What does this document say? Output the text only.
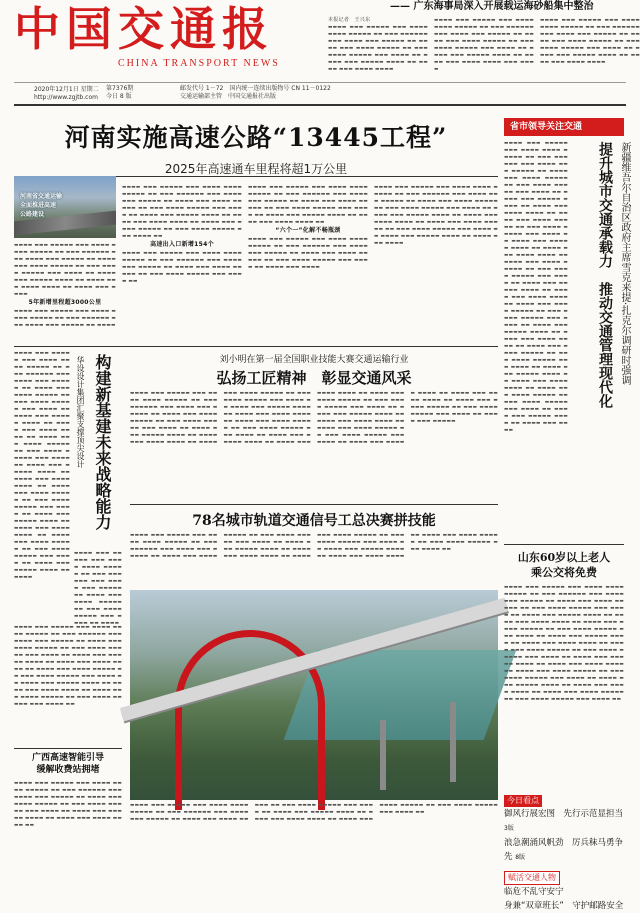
中国交通报
CHINA TRANSPORT NEWS
—— 广东海事局深入开展载运海砂船集中整治
本报记者　王兴东
▬▬▬▬ ▬▬▬ ▬▬▬▬▬ ▬▬▬ ▬▬▬▬ ▬▬▬▬ ▬▬▬▬▬ ▬▬ ▬▬▬ ▬▬▬▬▬▬ ▬▬▬ ▬▬▬▬ ▬▬▬ ▬▬▬▬▬ ▬▬ ▬▬▬▬ ▬▬▬ ▬▬▬▬ ▬▬▬▬▬ ▬▬ ▬▬▬ ▬▬▬▬ ▬▬▬▬▬ ▬▬▬ ▬▬▬▬ ▬▬ ▬▬▬▬ ▬▬▬ ▬▬▬▬▬ ▬▬▬▬ ▬▬ ▬▬▬▬ ▬▬▬ ▬▬▬▬ ▬▬▬▬
▬▬▬▬ ▬▬▬ ▬▬▬▬▬ ▬▬▬ ▬▬▬▬ ▬▬▬▬ ▬▬▬▬▬ ▬▬ ▬▬▬ ▬▬▬▬▬▬ ▬▬▬ ▬▬▬▬ ▬▬▬ ▬▬▬▬▬ ▬▬ ▬▬▬▬ ▬▬▬ ▬▬▬▬ ▬▬▬▬▬ ▬▬ ▬▬▬ ▬▬▬▬ ▬▬▬▬▬ ▬▬▬ ▬▬▬▬ ▬▬ ▬▬▬▬ ▬▬▬ ▬▬▬▬▬ ▬▬▬▬ ▬▬ ▬▬▬▬ ▬▬▬ ▬▬▬▬ ▬▬▬▬ ▬▬▬ ▬▬▬▬
▬▬▬▬ ▬▬▬ ▬▬▬▬▬ ▬▬▬ ▬▬▬▬ ▬▬▬▬ ▬▬▬▬▬ ▬▬ ▬▬▬ ▬▬▬▬▬▬ ▬▬▬ ▬▬▬▬ ▬▬▬ ▬▬▬▬▬ ▬▬ ▬▬▬▬ ▬▬▬ ▬▬▬▬ ▬▬▬▬▬ ▬▬ ▬▬▬ ▬▬▬▬ ▬▬▬▬▬ ▬▬▬ ▬▬▬▬ ▬▬ ▬▬▬▬ ▬▬▬ ▬▬▬▬▬ ▬▬▬▬ ▬▬ ▬▬▬▬ ▬▬▬ ▬▬▬▬ ▬▬▬▬
2020年12月1日 星期二
http://www.zgjtb.com
第7376期
今日 8 版
邮发代号 1－72　 国内统一连续出版物号 CN 11－0122
交通运输部主管　 中国交通报社出版
河南实施高速公路“13445工程”
2025年高速通车里程将超1万公里
河南省交通运输
全面推进高速
公路建设
▬▬▬▬ ▬▬▬ ▬▬▬▬▬ ▬▬▬ ▬▬▬▬ ▬▬▬▬ ▬▬▬▬▬ ▬▬ ▬▬▬ ▬▬▬▬▬▬ ▬▬▬ ▬▬▬▬ ▬▬▬ ▬▬▬▬▬ ▬▬ ▬▬▬▬ ▬▬▬ ▬▬▬▬ ▬▬▬▬▬ ▬▬ ▬▬▬ ▬▬▬▬ ▬▬▬▬▬ ▬▬▬ ▬▬▬▬ ▬▬ ▬▬▬▬ ▬▬▬ ▬▬▬▬▬ ▬▬▬▬ ▬▬ ▬▬▬▬ ▬▬▬ ▬▬▬▬ ▬▬▬▬ ▬▬ ▬▬▬▬ ▬▬▬ ▬▬▬▬
5年新增里程超3000公里
▬▬▬▬ ▬▬▬ ▬▬▬▬▬ ▬▬▬ ▬▬▬▬ ▬▬▬▬ ▬▬▬▬▬ ▬▬ ▬▬▬ ▬▬▬▬▬▬ ▬▬▬ ▬▬▬▬ ▬▬▬ ▬▬▬▬▬ ▬▬ ▬▬▬▬
▬▬▬▬ ▬▬▬ ▬▬▬▬▬ ▬▬▬ ▬▬▬▬ ▬▬▬▬ ▬▬▬▬▬ ▬▬ ▬▬▬ ▬▬▬▬▬▬ ▬▬▬ ▬▬▬▬ ▬▬▬ ▬▬▬▬▬ ▬▬ ▬▬▬▬ ▬▬▬ ▬▬▬▬ ▬▬▬▬▬ ▬▬ ▬▬▬ ▬▬▬▬ ▬▬▬▬▬ ▬▬▬ ▬▬▬▬ ▬▬ ▬▬▬▬ ▬▬▬ ▬▬▬▬▬ ▬▬▬▬ ▬▬ ▬▬▬▬ ▬▬▬ ▬▬▬▬ ▬▬▬▬ ▬▬ ▬▬▬▬ ▬▬▬ ▬▬▬▬ ▬▬▬▬▬ ▬▬ ▬▬▬ ▬▬▬▬ ▬▬▬▬▬ ▬▬▬ ▬▬▬▬ ▬▬
高速出入口新增154个
▬▬▬▬ ▬▬▬ ▬▬▬▬▬ ▬▬▬ ▬▬▬▬ ▬▬▬▬ ▬▬▬▬▬ ▬▬ ▬▬▬ ▬▬▬▬▬▬ ▬▬▬ ▬▬▬▬ ▬▬▬ ▬▬▬▬▬ ▬▬ ▬▬▬▬ ▬▬▬ ▬▬▬▬ ▬▬▬▬▬ ▬▬ ▬▬▬ ▬▬▬▬ ▬▬▬▬▬ ▬▬▬ ▬▬▬▬ ▬▬
▬▬▬▬ ▬▬▬ ▬▬▬▬▬ ▬▬▬ ▬▬▬▬ ▬▬▬▬ ▬▬▬▬▬ ▬▬ ▬▬▬ ▬▬▬▬▬▬ ▬▬▬ ▬▬▬▬ ▬▬▬ ▬▬▬▬▬ ▬▬ ▬▬▬▬ ▬▬▬ ▬▬▬▬ ▬▬▬▬▬ ▬▬ ▬▬▬ ▬▬▬▬ ▬▬▬▬▬ ▬▬▬ ▬▬▬▬ ▬▬ ▬▬▬▬ ▬▬▬ ▬▬▬▬▬ ▬▬▬▬ ▬▬ ▬▬▬▬ ▬▬▬ ▬▬▬▬ ▬▬▬▬ ▬▬
“六个一”化解不畅瓶颈
▬▬▬▬ ▬▬▬ ▬▬▬▬▬ ▬▬▬ ▬▬▬▬ ▬▬▬▬ ▬▬▬▬▬ ▬▬ ▬▬▬ ▬▬▬▬▬▬ ▬▬▬ ▬▬▬▬ ▬▬▬ ▬▬▬▬▬ ▬▬ ▬▬▬▬ ▬▬▬ ▬▬▬▬ ▬▬▬▬▬ ▬▬ ▬▬▬ ▬▬▬▬ ▬▬▬▬▬ ▬▬▬ ▬▬▬▬ ▬▬ ▬▬▬▬ ▬▬▬ ▬▬▬▬
▬▬▬▬ ▬▬▬ ▬▬▬▬▬ ▬▬▬ ▬▬▬▬ ▬▬▬▬ ▬▬▬▬▬ ▬▬ ▬▬▬ ▬▬▬▬▬▬ ▬▬▬ ▬▬▬▬ ▬▬▬ ▬▬▬▬▬ ▬▬ ▬▬▬▬ ▬▬▬ ▬▬▬▬ ▬▬▬▬▬ ▬▬ ▬▬▬ ▬▬▬▬ ▬▬▬▬▬ ▬▬▬ ▬▬▬▬ ▬▬ ▬▬▬▬ ▬▬▬ ▬▬▬▬▬ ▬▬▬▬ ▬▬ ▬▬▬▬ ▬▬▬ ▬▬▬▬ ▬▬▬▬ ▬▬ ▬▬▬▬ ▬▬▬ ▬▬▬▬ ▬▬▬▬▬ ▬▬ ▬▬▬ ▬▬▬▬ ▬▬▬▬▬ ▬▬▬ ▬▬▬▬ ▬▬ ▬▬▬▬ ▬▬▬ ▬▬▬▬▬ ▬▬▬▬ ▬▬ ▬▬▬▬ ▬▬▬ ▬▬▬▬
构建新基建未来战略能力
华设设计集团汇聚支撑顶尖设计
▬▬▬▬ ▬▬▬ ▬▬▬▬▬ ▬▬▬ ▬▬▬▬ ▬▬▬▬ ▬▬▬▬▬ ▬▬ ▬▬▬ ▬▬▬▬▬▬ ▬▬▬ ▬▬▬▬ ▬▬▬ ▬▬▬▬▬ ▬▬ ▬▬▬▬ ▬▬▬ ▬▬▬▬ ▬▬▬▬▬ ▬▬ ▬▬▬ ▬▬▬▬ ▬▬▬▬▬ ▬▬▬ ▬▬▬▬ ▬▬ ▬▬▬▬ ▬▬▬ ▬▬▬▬▬ ▬▬▬▬ ▬▬ ▬▬▬▬ ▬▬▬ ▬▬▬▬ ▬▬▬▬ ▬▬ ▬▬▬▬ ▬▬▬ ▬▬▬▬ ▬▬▬▬▬ ▬▬ ▬▬▬ ▬▬▬▬ ▬▬▬▬▬ ▬▬▬ ▬▬▬▬ ▬▬ ▬▬▬▬ ▬▬▬ ▬▬▬▬▬ ▬▬▬▬ ▬▬ ▬▬▬▬ ▬▬▬ ▬▬▬▬ ▬▬▬▬ ▬▬ ▬▬▬▬ ▬▬▬ ▬▬▬▬ ▬▬▬▬▬ ▬▬ ▬▬▬ ▬▬▬▬ ▬▬▬▬▬ ▬▬▬ ▬▬▬▬ ▬▬ ▬▬▬▬ ▬▬▬ ▬▬▬▬▬ ▬▬▬▬ ▬▬ ▬▬▬▬ ▬▬▬ ▬▬▬▬ ▬▬▬▬ ▬▬ ▬▬▬▬ ▬▬▬ ▬▬▬▬ ▬▬▬▬▬ ▬▬ ▬▬▬ ▬▬▬▬ ▬▬▬▬▬ ▬▬▬ ▬▬▬▬ ▬▬ ▬▬▬▬ ▬▬▬ ▬▬▬▬▬ ▬▬▬▬ ▬▬ ▬▬▬▬
▬▬▬▬ ▬▬▬ ▬▬▬▬▬ ▬▬▬ ▬▬▬▬ ▬▬▬▬ ▬▬▬▬▬ ▬▬ ▬▬▬ ▬▬▬▬▬▬ ▬▬▬ ▬▬▬▬ ▬▬▬ ▬▬▬▬▬ ▬▬ ▬▬▬▬ ▬▬▬ ▬▬▬▬ ▬▬▬▬▬ ▬▬ ▬▬▬ ▬▬▬▬ ▬▬▬▬▬ ▬▬▬ ▬▬▬▬ ▬▬ ▬▬▬▬
刘小明在第一届全国职业技能大赛交通运输行业
弘扬工匠精神　彰显交通风采
▬▬▬▬ ▬▬▬ ▬▬▬▬▬ ▬▬▬ ▬▬▬▬ ▬▬▬▬ ▬▬▬▬▬ ▬▬ ▬▬▬ ▬▬▬▬▬▬ ▬▬▬ ▬▬▬▬ ▬▬▬ ▬▬▬▬▬ ▬▬ ▬▬▬▬ ▬▬▬ ▬▬▬▬ ▬▬▬▬▬ ▬▬ ▬▬▬ ▬▬▬▬ ▬▬▬▬▬ ▬▬▬ ▬▬▬▬ ▬▬ ▬▬▬▬ ▬▬▬ ▬▬▬▬▬ ▬▬▬▬ ▬▬ ▬▬▬▬ ▬▬▬ ▬▬▬▬ ▬▬▬▬ ▬▬ ▬▬▬▬ ▬▬▬ ▬▬▬▬ ▬▬▬▬▬ ▬▬ ▬▬▬ ▬▬▬▬ ▬▬▬▬▬ ▬▬▬ ▬▬▬▬ ▬▬ ▬▬▬▬ ▬▬▬ ▬▬▬▬▬ ▬▬▬▬ ▬▬ ▬▬▬▬ ▬▬▬ ▬▬▬▬ ▬▬▬▬ ▬▬ ▬▬▬▬ ▬▬▬ ▬▬▬▬ ▬▬▬▬▬ ▬▬ ▬▬▬ ▬▬▬▬ ▬▬▬▬▬ ▬▬▬ ▬▬▬▬ ▬▬ ▬▬▬▬ ▬▬▬ ▬▬▬▬▬ ▬▬▬▬ ▬▬ ▬▬▬▬ ▬▬▬ ▬▬▬▬ ▬▬▬▬ ▬▬ ▬▬▬▬ ▬▬▬ ▬▬▬▬ ▬▬▬▬▬ ▬▬ ▬▬▬ ▬▬▬▬ ▬▬▬▬▬ ▬▬▬ ▬▬▬▬ ▬▬ ▬▬▬▬ ▬▬▬ ▬▬▬▬▬ ▬▬▬▬ ▬▬ ▬▬▬▬ ▬▬▬ ▬▬▬▬ ▬▬▬▬ ▬▬ ▬▬▬▬ ▬▬▬ ▬▬▬▬ ▬▬▬▬▬ ▬▬ ▬▬▬ ▬▬▬▬ ▬▬▬▬▬ ▬▬▬ ▬▬▬▬ ▬▬ ▬▬▬▬ ▬▬▬ ▬▬▬▬▬ ▬▬▬▬ ▬▬ ▬▬▬▬ ▬▬▬ ▬▬▬▬ ▬▬▬▬ ▬▬ ▬▬▬▬ ▬▬▬ ▬▬▬▬ ▬▬▬▬▬ ▬▬ ▬▬▬ ▬▬▬▬ ▬▬▬▬▬ ▬▬▬ ▬▬▬▬ ▬▬ ▬▬▬▬ ▬▬▬ ▬▬▬▬▬
78名城市轨道交通信号工总决赛拼技能
▬▬▬▬ ▬▬▬ ▬▬▬▬▬ ▬▬▬ ▬▬▬▬ ▬▬▬▬ ▬▬▬▬▬ ▬▬ ▬▬▬ ▬▬▬▬▬▬ ▬▬▬ ▬▬▬▬ ▬▬▬ ▬▬▬▬▬ ▬▬ ▬▬▬▬ ▬▬▬ ▬▬▬▬ ▬▬▬▬▬ ▬▬ ▬▬▬ ▬▬▬▬ ▬▬▬▬▬ ▬▬▬ ▬▬▬▬ ▬▬ ▬▬▬▬ ▬▬▬ ▬▬▬▬▬ ▬▬▬▬ ▬▬ ▬▬▬▬ ▬▬▬ ▬▬▬▬ ▬▬▬▬ ▬▬ ▬▬▬▬ ▬▬▬ ▬▬▬▬ ▬▬▬▬▬ ▬▬ ▬▬▬ ▬▬▬▬ ▬▬▬▬▬ ▬▬▬ ▬▬▬▬ ▬▬ ▬▬▬▬ ▬▬▬ ▬▬▬▬▬ ▬▬▬▬ ▬▬ ▬▬▬▬ ▬▬▬ ▬▬▬▬ ▬▬▬▬ ▬▬ ▬▬▬▬ ▬▬▬ ▬▬▬▬ ▬▬▬▬▬ ▬▬ ▬▬▬ ▬▬▬▬ ▬▬▬▬▬ ▬▬▬ ▬▬▬▬ ▬▬
▬▬▬▬ ▬▬▬ ▬▬▬▬▬ ▬▬▬ ▬▬▬▬ ▬▬▬▬ ▬▬▬▬▬ ▬▬ ▬▬▬ ▬▬▬▬▬▬ ▬▬▬ ▬▬▬▬ ▬▬▬ ▬▬▬▬▬ ▬▬ ▬▬▬▬ ▬▬▬ ▬▬▬▬ ▬▬▬▬▬ ▬▬ ▬▬▬ ▬▬▬▬ ▬▬▬▬▬ ▬▬▬ ▬▬▬▬ ▬▬ ▬▬▬▬ ▬▬▬ ▬▬▬▬▬ ▬▬▬▬ ▬▬ ▬▬▬▬ ▬▬▬ ▬▬▬▬ ▬▬▬▬ ▬▬ ▬▬▬▬ ▬▬▬ ▬▬▬▬ ▬▬▬▬▬ ▬▬ ▬▬▬ ▬▬▬▬ ▬▬▬▬▬ ▬▬▬ ▬▬▬▬ ▬▬ ▬▬▬▬ ▬▬▬ ▬▬▬▬▬ ▬▬▬▬ ▬▬ ▬▬▬▬ ▬▬▬ ▬▬▬▬ ▬▬▬▬ ▬▬ ▬▬▬▬ ▬▬▬ ▬▬▬▬ ▬▬▬▬▬ ▬▬ ▬▬▬ ▬▬▬▬ ▬▬▬▬▬ ▬▬▬ ▬▬▬▬ ▬▬
广西高速智能引导
缓解收费站拥堵
▬▬▬▬ ▬▬▬ ▬▬▬▬▬ ▬▬▬ ▬▬▬▬ ▬▬▬▬ ▬▬▬▬▬ ▬▬ ▬▬▬ ▬▬▬▬▬▬ ▬▬▬ ▬▬▬▬ ▬▬▬ ▬▬▬▬▬ ▬▬ ▬▬▬▬ ▬▬▬ ▬▬▬▬ ▬▬▬▬▬ ▬▬ ▬▬▬ ▬▬▬▬ ▬▬▬▬▬ ▬▬▬ ▬▬▬▬ ▬▬ ▬▬▬▬ ▬▬▬ ▬▬▬▬▬ ▬▬▬▬ ▬▬ ▬▬▬▬ ▬▬▬ ▬▬▬▬ ▬▬▬▬ ▬▬
▬▬▬▬ ▬▬▬ ▬▬▬▬▬ ▬▬▬ ▬▬▬▬ ▬▬▬▬ ▬▬▬▬▬ ▬▬ ▬▬▬ ▬▬▬▬▬▬ ▬▬▬ ▬▬▬▬ ▬▬▬ ▬▬▬▬▬ ▬▬ ▬▬▬▬ ▬▬▬ ▬▬▬▬ ▬▬▬▬▬ ▬▬ ▬▬▬ ▬▬▬▬ ▬▬▬▬▬ ▬▬▬ ▬▬▬▬ ▬▬ ▬▬▬▬ ▬▬▬ ▬▬▬▬▬ ▬▬▬▬ ▬▬ ▬▬▬▬ ▬▬▬ ▬▬▬▬ ▬▬▬▬ ▬▬ ▬▬▬▬ ▬▬▬ ▬▬▬▬ ▬▬▬▬▬ ▬▬ ▬▬▬ ▬▬▬▬ ▬▬▬▬▬ ▬▬▬ ▬▬▬▬ ▬▬
省市领导关注交通
▬▬▬▬ ▬▬▬ ▬▬▬▬▬ ▬▬▬ ▬▬▬▬ ▬▬▬▬ ▬▬▬▬▬ ▬▬ ▬▬▬ ▬▬▬▬▬▬ ▬▬▬ ▬▬▬▬ ▬▬▬ ▬▬▬▬▬ ▬▬ ▬▬▬▬ ▬▬▬ ▬▬▬▬ ▬▬▬▬▬ ▬▬ ▬▬▬ ▬▬▬▬ ▬▬▬▬▬ ▬▬▬ ▬▬▬▬ ▬▬ ▬▬▬▬ ▬▬▬ ▬▬▬▬▬ ▬▬▬▬ ▬▬ ▬▬▬▬ ▬▬▬ ▬▬▬▬ ▬▬▬▬ ▬▬ ▬▬▬▬ ▬▬▬ ▬▬▬▬ ▬▬▬▬▬ ▬▬ ▬▬▬ ▬▬▬▬ ▬▬▬▬▬ ▬▬▬ ▬▬▬▬ ▬▬ ▬▬▬▬ ▬▬▬ ▬▬▬▬▬ ▬▬▬▬ ▬▬ ▬▬▬▬ ▬▬▬ ▬▬▬▬ ▬▬▬▬ ▬▬ ▬▬▬▬ ▬▬▬ ▬▬▬▬ ▬▬▬▬▬ ▬▬ ▬▬▬ ▬▬▬▬ ▬▬▬▬▬ ▬▬▬ ▬▬▬▬ ▬▬ ▬▬▬▬ ▬▬▬ ▬▬▬▬▬ ▬▬▬▬ ▬▬ ▬▬▬▬ ▬▬▬ ▬▬▬▬ ▬▬▬▬ ▬▬ ▬▬▬▬ ▬▬▬ ▬▬▬▬ ▬▬▬▬▬ ▬▬ ▬▬▬ ▬▬▬▬ ▬▬▬▬▬ ▬▬▬ ▬▬▬▬ ▬▬ ▬▬▬▬ ▬▬▬ ▬▬▬▬▬ ▬▬▬▬ ▬▬ ▬▬▬▬ ▬▬▬ ▬▬▬▬ ▬▬▬▬ ▬▬ ▬▬▬▬ ▬▬▬ ▬▬▬▬ ▬▬▬▬▬ ▬▬ ▬▬▬ ▬▬▬▬ ▬▬▬▬▬ ▬▬▬ ▬▬▬▬ ▬▬ ▬▬▬▬ ▬▬▬ ▬▬▬▬▬ ▬▬▬▬ ▬▬ ▬▬▬▬ ▬▬▬ ▬▬▬▬ ▬▬▬▬ ▬▬ ▬▬▬▬ ▬▬▬ ▬▬▬▬ ▬▬▬▬▬ ▬▬ ▬▬▬ ▬▬▬▬ ▬▬▬▬▬ ▬▬▬ ▬▬▬▬ ▬▬ ▬▬▬▬ ▬▬▬ ▬▬▬▬▬ ▬▬▬▬ ▬▬ ▬▬▬▬ ▬▬▬ ▬▬▬▬
新疆维吾尔自治区政府主席雪克来提·扎克尔调研时强调
提升城市交通承载力　推动交通管理现代化
山东60岁以上老人
乘公交将免费
▬▬▬▬ ▬▬▬ ▬▬▬▬▬ ▬▬▬ ▬▬▬▬ ▬▬▬▬ ▬▬▬▬▬ ▬▬ ▬▬▬ ▬▬▬▬▬▬ ▬▬▬ ▬▬▬▬ ▬▬▬ ▬▬▬▬▬ ▬▬ ▬▬▬▬ ▬▬▬ ▬▬▬▬ ▬▬▬▬▬ ▬▬ ▬▬▬ ▬▬▬▬ ▬▬▬▬▬ ▬▬▬ ▬▬▬▬ ▬▬ ▬▬▬▬ ▬▬▬ ▬▬▬▬▬ ▬▬▬▬ ▬▬ ▬▬▬▬ ▬▬▬ ▬▬▬▬ ▬▬▬▬ ▬▬ ▬▬▬▬ ▬▬▬ ▬▬▬▬ ▬▬▬▬▬ ▬▬ ▬▬▬ ▬▬▬▬ ▬▬▬▬▬ ▬▬▬ ▬▬▬▬ ▬▬ ▬▬▬▬ ▬▬▬ ▬▬▬▬▬ ▬▬▬▬ ▬▬ ▬▬▬▬ ▬▬▬ ▬▬▬▬ ▬▬▬▬ ▬▬ ▬▬▬▬ ▬▬▬ ▬▬▬▬ ▬▬▬▬▬ ▬▬ ▬▬▬ ▬▬▬▬ ▬▬▬▬▬ ▬▬▬ ▬▬▬▬ ▬▬ ▬▬▬▬ ▬▬▬ ▬▬▬▬▬ ▬▬▬▬ ▬▬ ▬▬▬▬ ▬▬▬ ▬▬▬▬ ▬▬▬▬ ▬▬ ▬▬▬▬ ▬▬▬ ▬▬▬▬ ▬▬▬▬▬ ▬▬ ▬▬▬ ▬▬▬▬ ▬▬▬▬▬ ▬▬▬ ▬▬▬▬ ▬▬ ▬▬▬▬ ▬▬▬ ▬▬▬▬▬ ▬▬▬▬ ▬▬ ▬▬▬▬ ▬▬▬ ▬▬▬▬ ▬▬▬▬ ▬▬ ▬▬▬▬ ▬▬▬ ▬▬▬▬ ▬▬▬▬▬ ▬▬ ▬▬▬ ▬▬▬▬ ▬▬▬▬▬ ▬▬▬ ▬▬▬▬ ▬▬
今日看点
御风行展宏图　先行示范显担当 3版
浪急潮涌风帆劲　厉兵秣马勇争先 8版
赋活交通人物
临危不乱守安宁
身兼“双章班长”　守护邮路安全
